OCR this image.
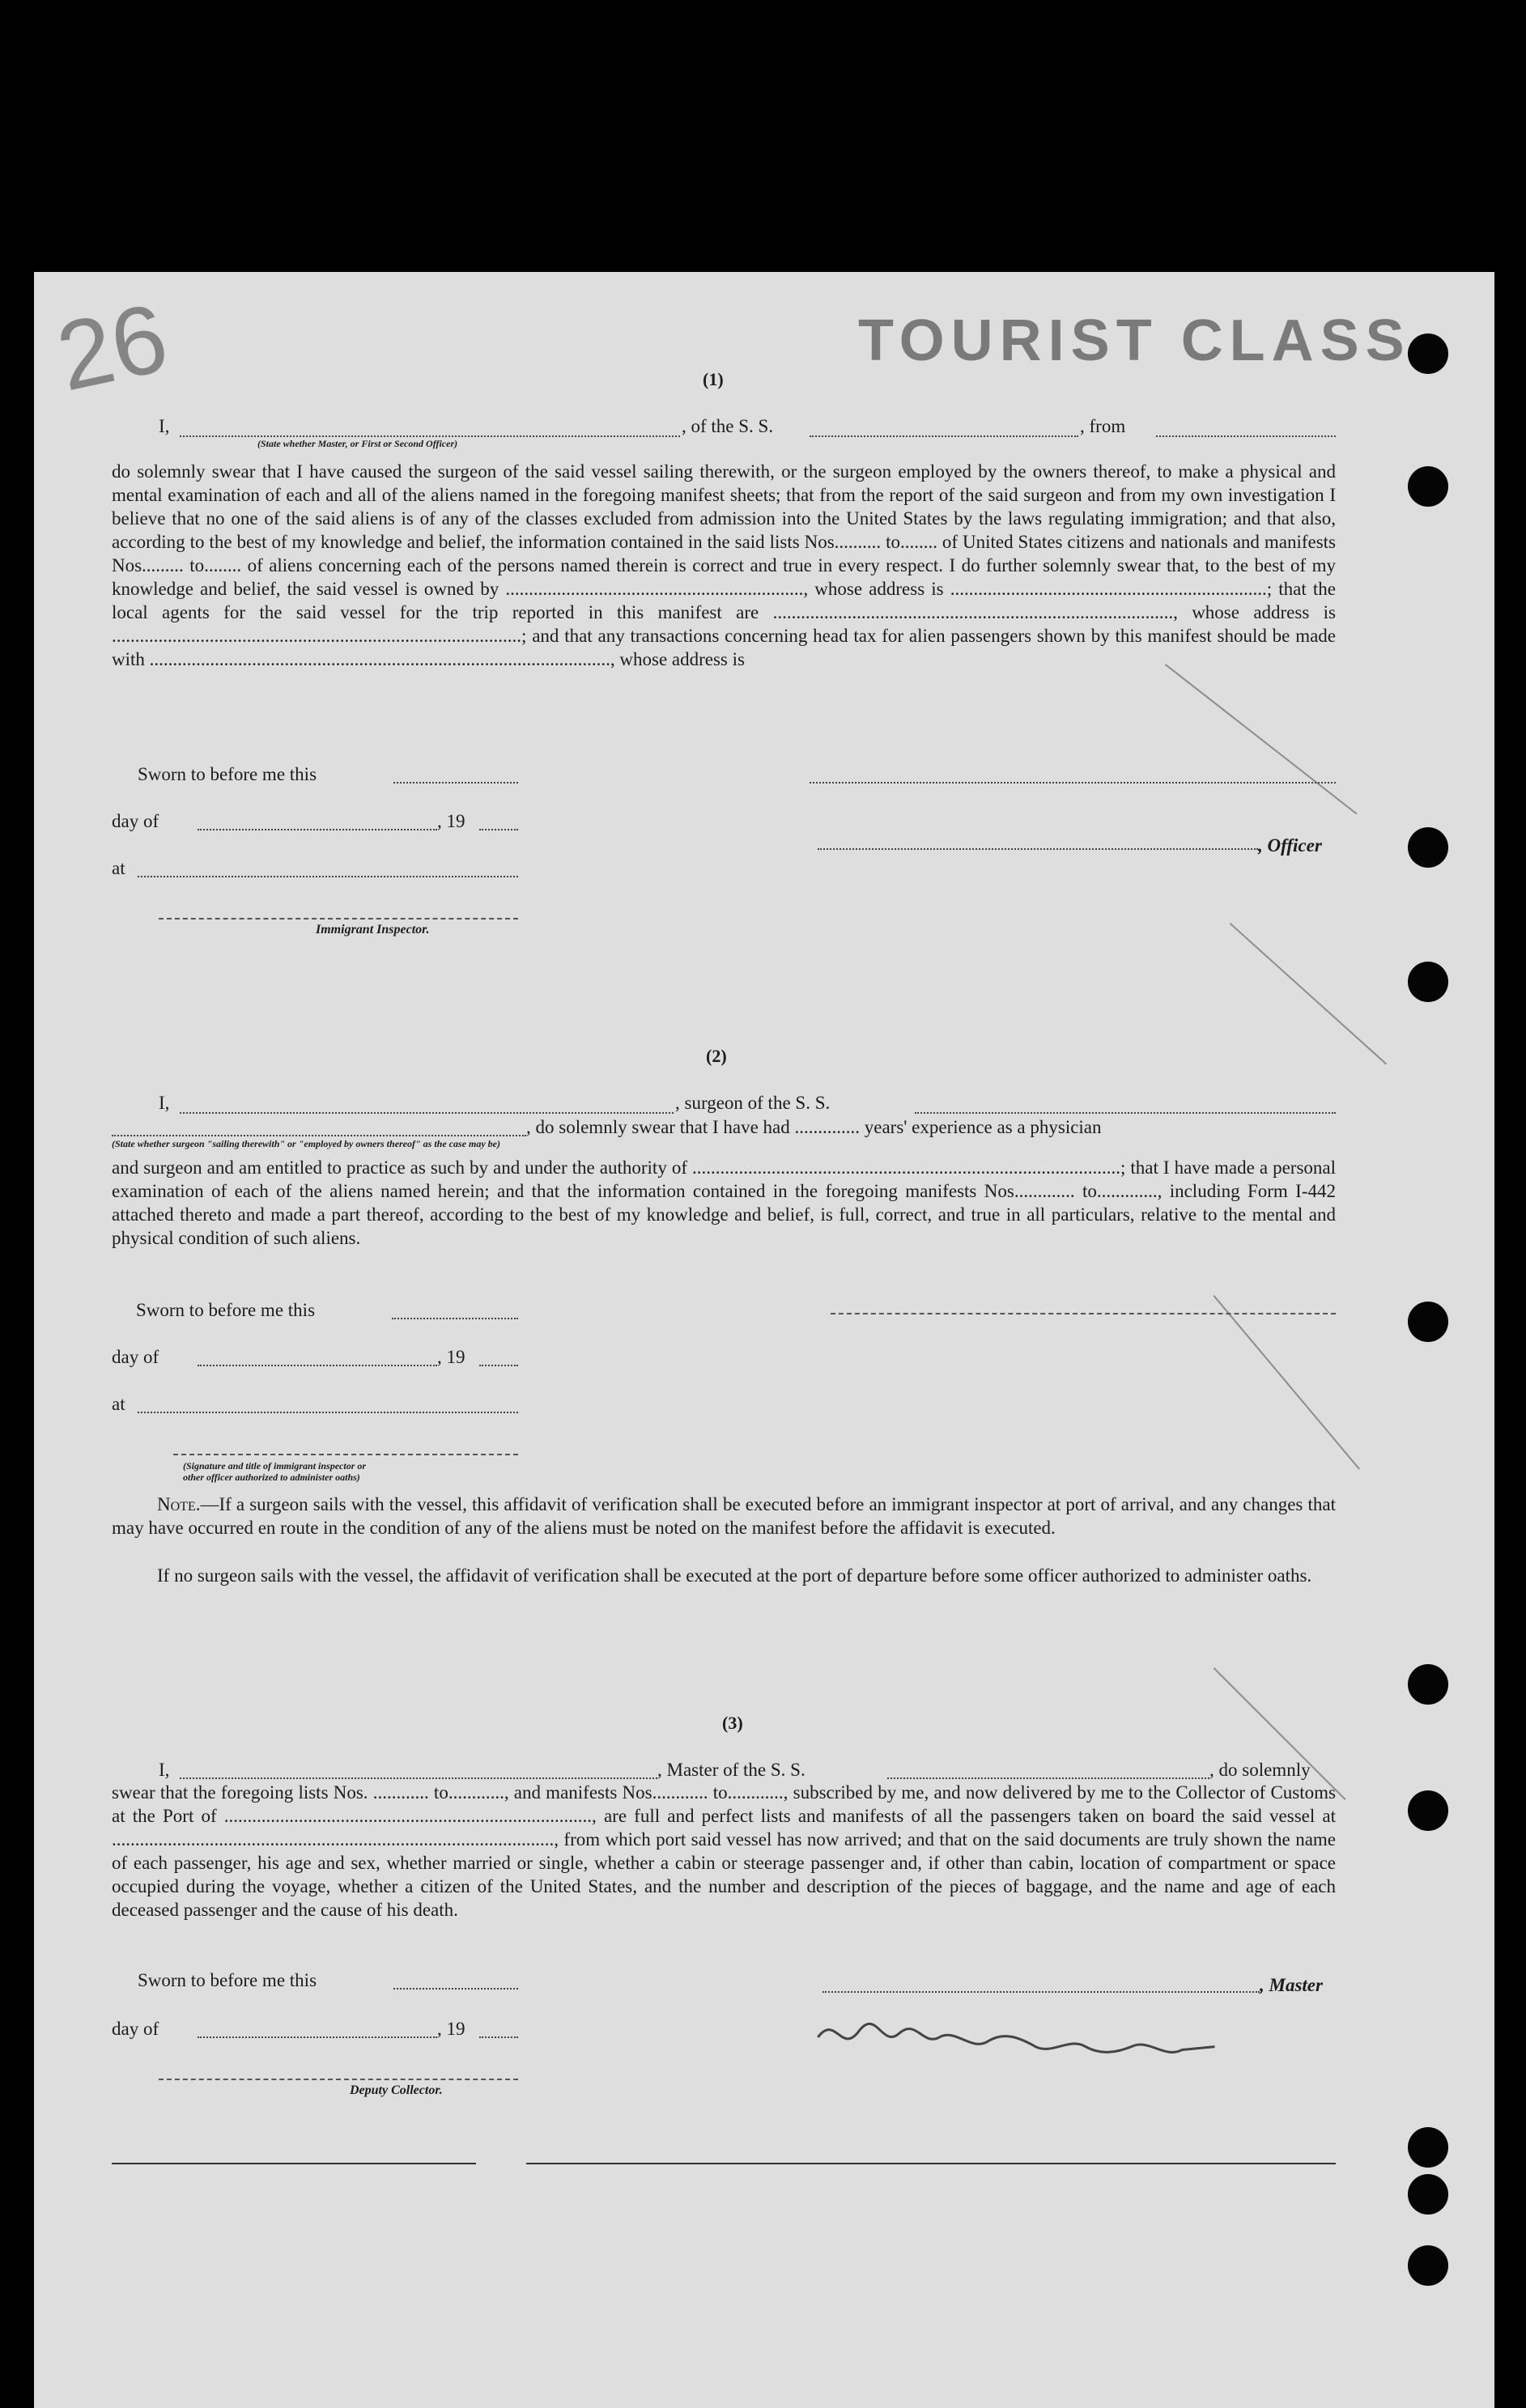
26	TOURIST CLASS
(1)
I,	, of the S. S.	, from
(State whether Master, or First or Second Officer)
do solemnly swear that I have caused the surgeon of the said vessel sailing therewith, or the surgeon employed by the owners thereof, to make a physical and mental examination of each and all of the aliens named in the foregoing manifest sheets; that from the report of the said surgeon and from my own investigation I believe that no one of the said aliens is of any of the classes excluded from admission into the United States by the laws regulating immigration; and that also, according to the best of my knowledge and belief, the information contained in the said lists Nos.......... to........ of United States citizens and nationals and manifests Nos......... to........ of aliens concerning each of the persons named therein is correct and true in every respect. I do further solemnly swear that, to the best of my knowledge and belief, the said vessel is owned by ................................................................, whose address is ....................................................................; that the local agents for the said vessel for the trip reported in this manifest are ......................................................................................, whose address is ........................................................................................; and that any transactions concerning head tax for alien passengers shown by this manifest should be made with ..................................................................................................., whose address is
Sworn to before me this
day of	, 19
at
Immigrant Inspector.
, Officer
(2)
I,	, surgeon of the S. S.
, do solemnly swear that I have had .............. years' experience as a physician
(State whether surgeon "sailing therewith" or "employed by owners thereof" as the case may be)
and surgeon and am entitled to practice as such by and under the authority of ............................................................................................; that I have made a personal examination of each of the aliens named herein; and that the information contained in the foregoing manifests Nos............. to............., including Form I-442 attached thereto and made a part thereof, according to the best of my knowledge and belief, is full, correct, and true in all particulars, relative to the mental and physical condition of such aliens.
Sworn to before me this
day of	, 19
at
(Signature and title of immigrant inspector or
other officer authorized to administer oaths)
Note.—If a surgeon sails with the vessel, this affidavit of verification shall be executed before an immigrant inspector at port of arrival, and any changes that may have occurred en route in the condition of any of the aliens must be noted on the manifest before the affidavit is executed.
If no surgeon sails with the vessel, the affidavit of verification shall be executed at the port of departure before some officer authorized to administer oaths.
(3)
I,	, Master of the S. S.	, do solemnly
swear that the foregoing lists Nos. ............ to............, and manifests Nos............ to............, subscribed by me, and now delivered by me to the Collector of Customs at the Port of ..............................................................................., are full and perfect lists and manifests of all the passengers taken on board the said vessel at ..............................................................................................., from which port said vessel has now arrived; and that on the said documents are truly shown the name of each passenger, his age and sex, whether married or single, whether a cabin or steerage passenger and, if other than cabin, location of compartment or space occupied during the voyage, whether a citizen of the United States, and the number and description of the pieces of baggage, and the name and age of each deceased passenger and the cause of his death.
Sworn to before me this	, Master
day of	, 19
Deputy Collector.
